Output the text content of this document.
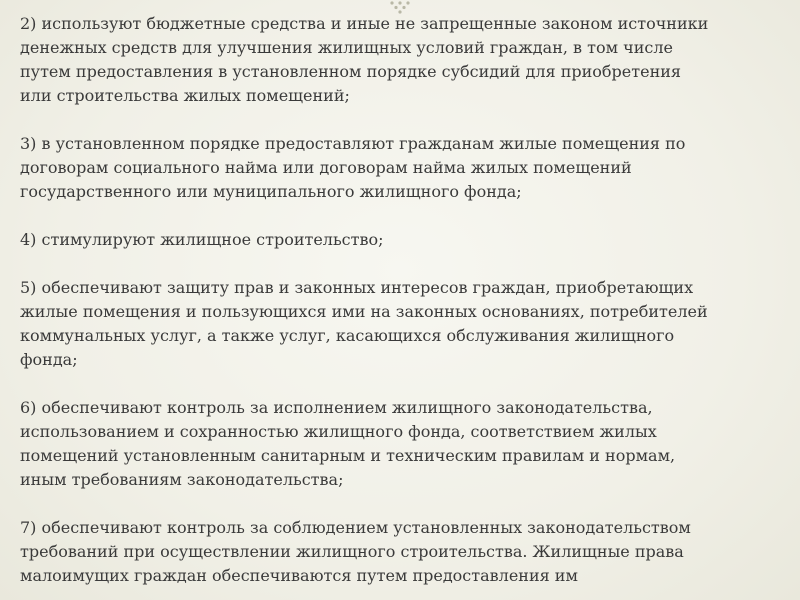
2) используют бюджетные средства и иные не запрещенные законом источники
денежных средств для улучшения жилищных условий граждан, в том числе
путем предоставления в установленном порядке субсидий для приобретения
или строительства жилых помещений;
3) в установленном порядке предоставляют гражданам жилые помещения по
договорам социального найма или договорам найма жилых помещений
государственного или муниципального жилищного фонда;
4) стимулируют жилищное строительство;
5) обеспечивают защиту прав и законных интересов граждан, приобретающих
жилые помещения и пользующихся ими на законных основаниях, потребителей
коммунальных услуг, а также услуг, касающихся обслуживания жилищного
фонда;
6) обеспечивают контроль за исполнением жилищного законодательства,
использованием и сохранностью жилищного фонда, соответствием жилых
помещений установленным санитарным и техническим правилам и нормам,
иным требованиям законодательства;
7) обеспечивают контроль за соблюдением установленных законодательством
требований при осуществлении жилищного строительства. Жилищные права
малоимущих граждан обеспечиваются путем предоставления им
